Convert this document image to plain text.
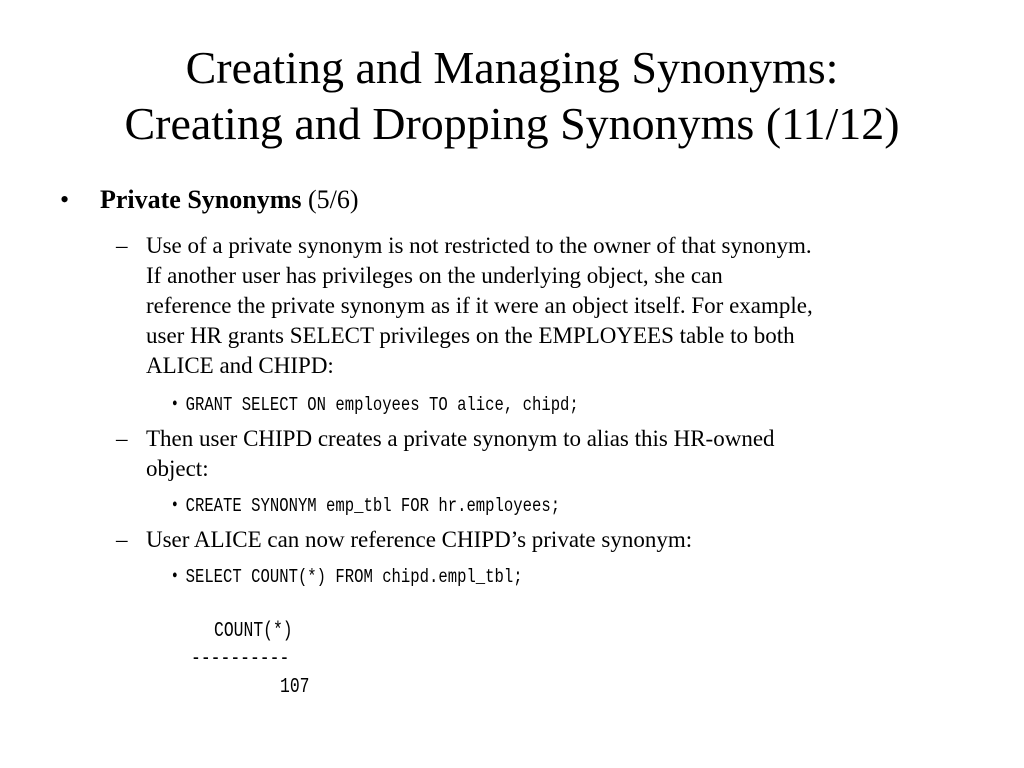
Creating and Managing Synonyms:
Creating and Dropping Synonyms (11/12)
• Private Synonyms (5/6)
– Use of a private synonym is not restricted to the owner of that synonym.
If another user has privileges on the underlying object, she can
reference the private synonym as if it were an object itself. For example,
user HR grants SELECT privileges on the EMPLOYEES table to both
ALICE and CHIPD:
• GRANT SELECT ON employees TO alice, chipd;
– Then user CHIPD creates a private synonym to alias this HR-owned
object:
• CREATE SYNONYM emp_tbl FOR hr.employees;
– User ALICE can now reference CHIPD’s private synonym:
• SELECT COUNT(*) FROM chipd.empl_tbl;
COUNT(*)
----------
107
